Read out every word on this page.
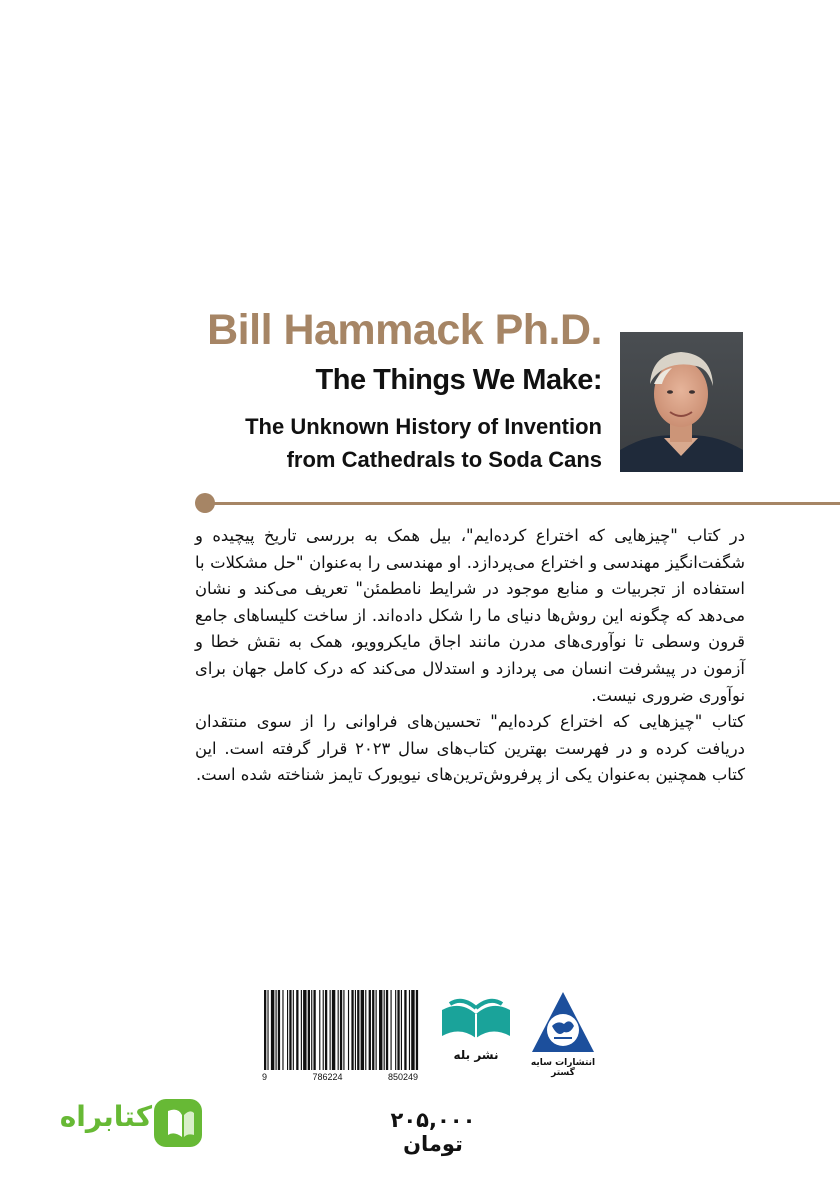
Bill Hammack Ph.D.
The Things We Make:
The Unknown History of Invention
from Cathedrals to Soda Cans

در کتاب "چیزهایی که اختراع کرده‌ایم"، بیل همک به بررسی تاریخ پیچیده و شگفت‌انگیز مهندسی و اختراع می‌پردازد. او مهندسی را به‌عنوان "حل مشکلات با استفاده از تجربیات و منابع موجود در شرایط نامطمئن" تعریف می‌کند و نشان می‌دهد که چگونه این روش‌ها دنیای ما را شکل داده‌اند. از ساخت کلیساهای جامع قرون وسطی تا نوآوری‌های مدرن مانند اجاق مایکروویو، همک به نقش خطا و آزمون در پیشرفت انسان می پردازد و استدلال می‌کند که درک کامل جهان برای نوآوری ضروری نیست.

کتاب "چیزهایی که اختراع کرده‌ایم" تحسین‌های فراوانی را از سوی منتقدان دریافت کرده و در فهرست بهترین کتاب‌های سال ۲۰۲۳ قرار گرفته است. این کتاب همچنین به‌عنوان یکی از پرفروش‌ترین‌های نیویورک تایمز شناخته شده است.

9	786224	850249
نشر بله
انتشارات سایه گستر
۲۰۵,۰۰۰ تومان
کتابراه
